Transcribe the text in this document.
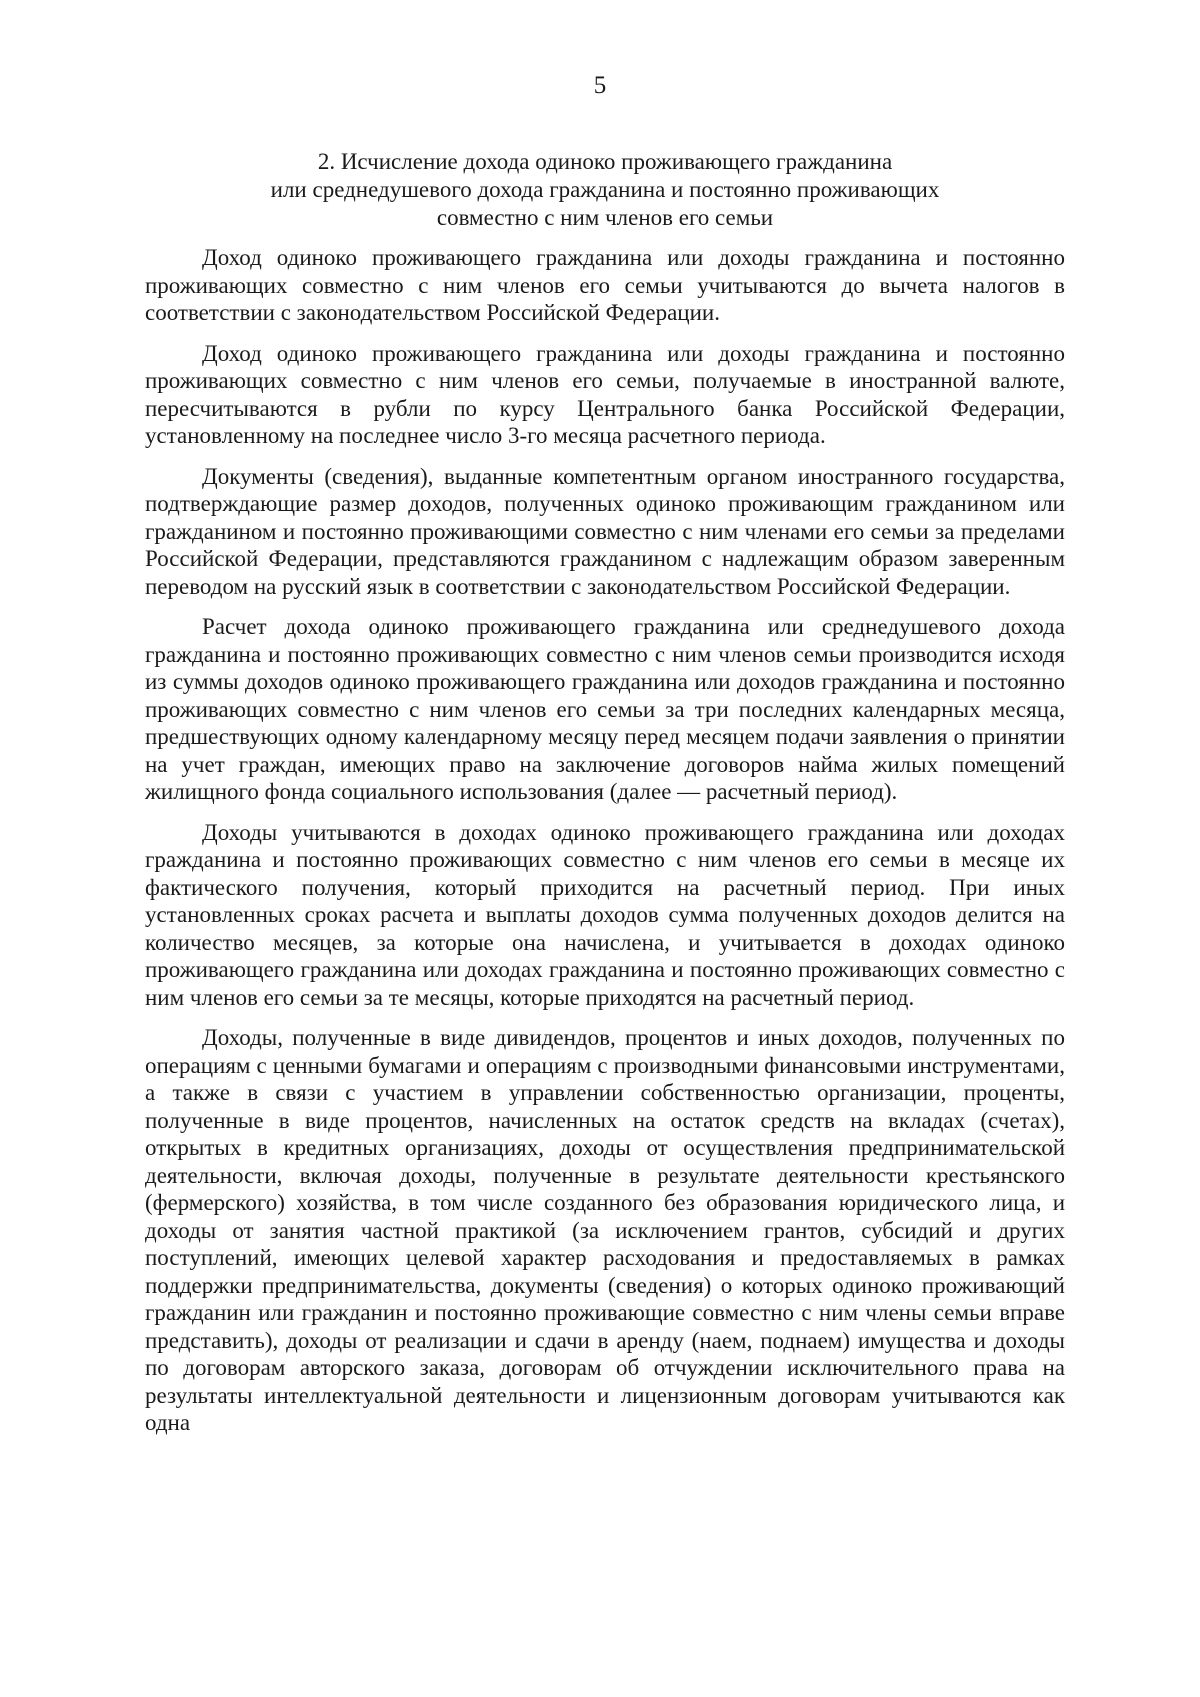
5
2. Исчисление дохода одиноко проживающего гражданина
или среднедушевого дохода гражданина и постоянно проживающих
совместно с ним членов его семьи

Доход одиноко проживающего гражданина или доходы гражданина и постоянно проживающих совместно с ним членов его семьи учитываются до вычета налогов в соответствии с законодательством Российской Федерации.

Доход одиноко проживающего гражданина или доходы гражданина и постоянно проживающих совместно с ним членов его семьи, получаемые в иностранной валюте, пересчитываются в рубли по курсу Центрального банка Российской Федерации, установленному на последнее число 3-го месяца расчетного периода.

Документы (сведения), выданные компетентным органом иностранного государства, подтверждающие размер доходов, полученных одиноко проживающим гражданином или гражданином и постоянно проживающими совместно с ним членами его семьи за пределами Российской Федерации, представляются гражданином с надлежащим образом заверенным переводом на русский язык в соответствии с законодательством Российской Федерации.

Расчет дохода одиноко проживающего гражданина или среднедушевого дохода гражданина и постоянно проживающих совместно с ним членов семьи производится исходя из суммы доходов одиноко проживающего гражданина или доходов гражданина и постоянно проживающих совместно с ним членов его семьи за три последних календарных месяца, предшествующих одному календарному месяцу перед месяцем подачи заявления о принятии на учет граждан, имеющих право на заключение договоров найма жилых помещений жилищного фонда социального использования (далее — расчетный период).

Доходы учитываются в доходах одиноко проживающего гражданина или доходах гражданина и постоянно проживающих совместно с ним членов его семьи в месяце их фактического получения, который приходится на расчетный период. При иных установленных сроках расчета и выплаты доходов сумма полученных доходов делится на количество месяцев, за которые она начислена, и учитывается в доходах одиноко проживающего гражданина или доходах гражданина и постоянно проживающих совместно с ним членов его семьи за те месяцы, которые приходятся на расчетный период.

Доходы, полученные в виде дивидендов, процентов и иных доходов, полученных по операциям с ценными бумагами и операциям с производными финансовыми инструментами, а также в связи с участием в управлении собственностью организации, проценты, полученные в виде процентов, начисленных на остаток средств на вкладах (счетах), открытых в кредитных организациях, доходы от осуществления предпринимательской деятельности, включая доходы, полученные в результате деятельности крестьянского (фермерского) хозяйства, в том числе созданного без образования юридического лица, и доходы от занятия частной практикой (за исключением грантов, субсидий и других поступлений, имеющих целевой характер расходования и предоставляемых в рамках поддержки предпринимательства, документы (сведения) о которых одиноко проживающий гражданин или гражданин и постоянно проживающие совместно с ним члены семьи вправе представить), доходы от реализации и сдачи в аренду (наем, поднаем) имущества и доходы по договорам авторского заказа, договорам об отчуждении исключительного права на результаты интеллектуальной деятельности и лицензионным договорам учитываются как одна
